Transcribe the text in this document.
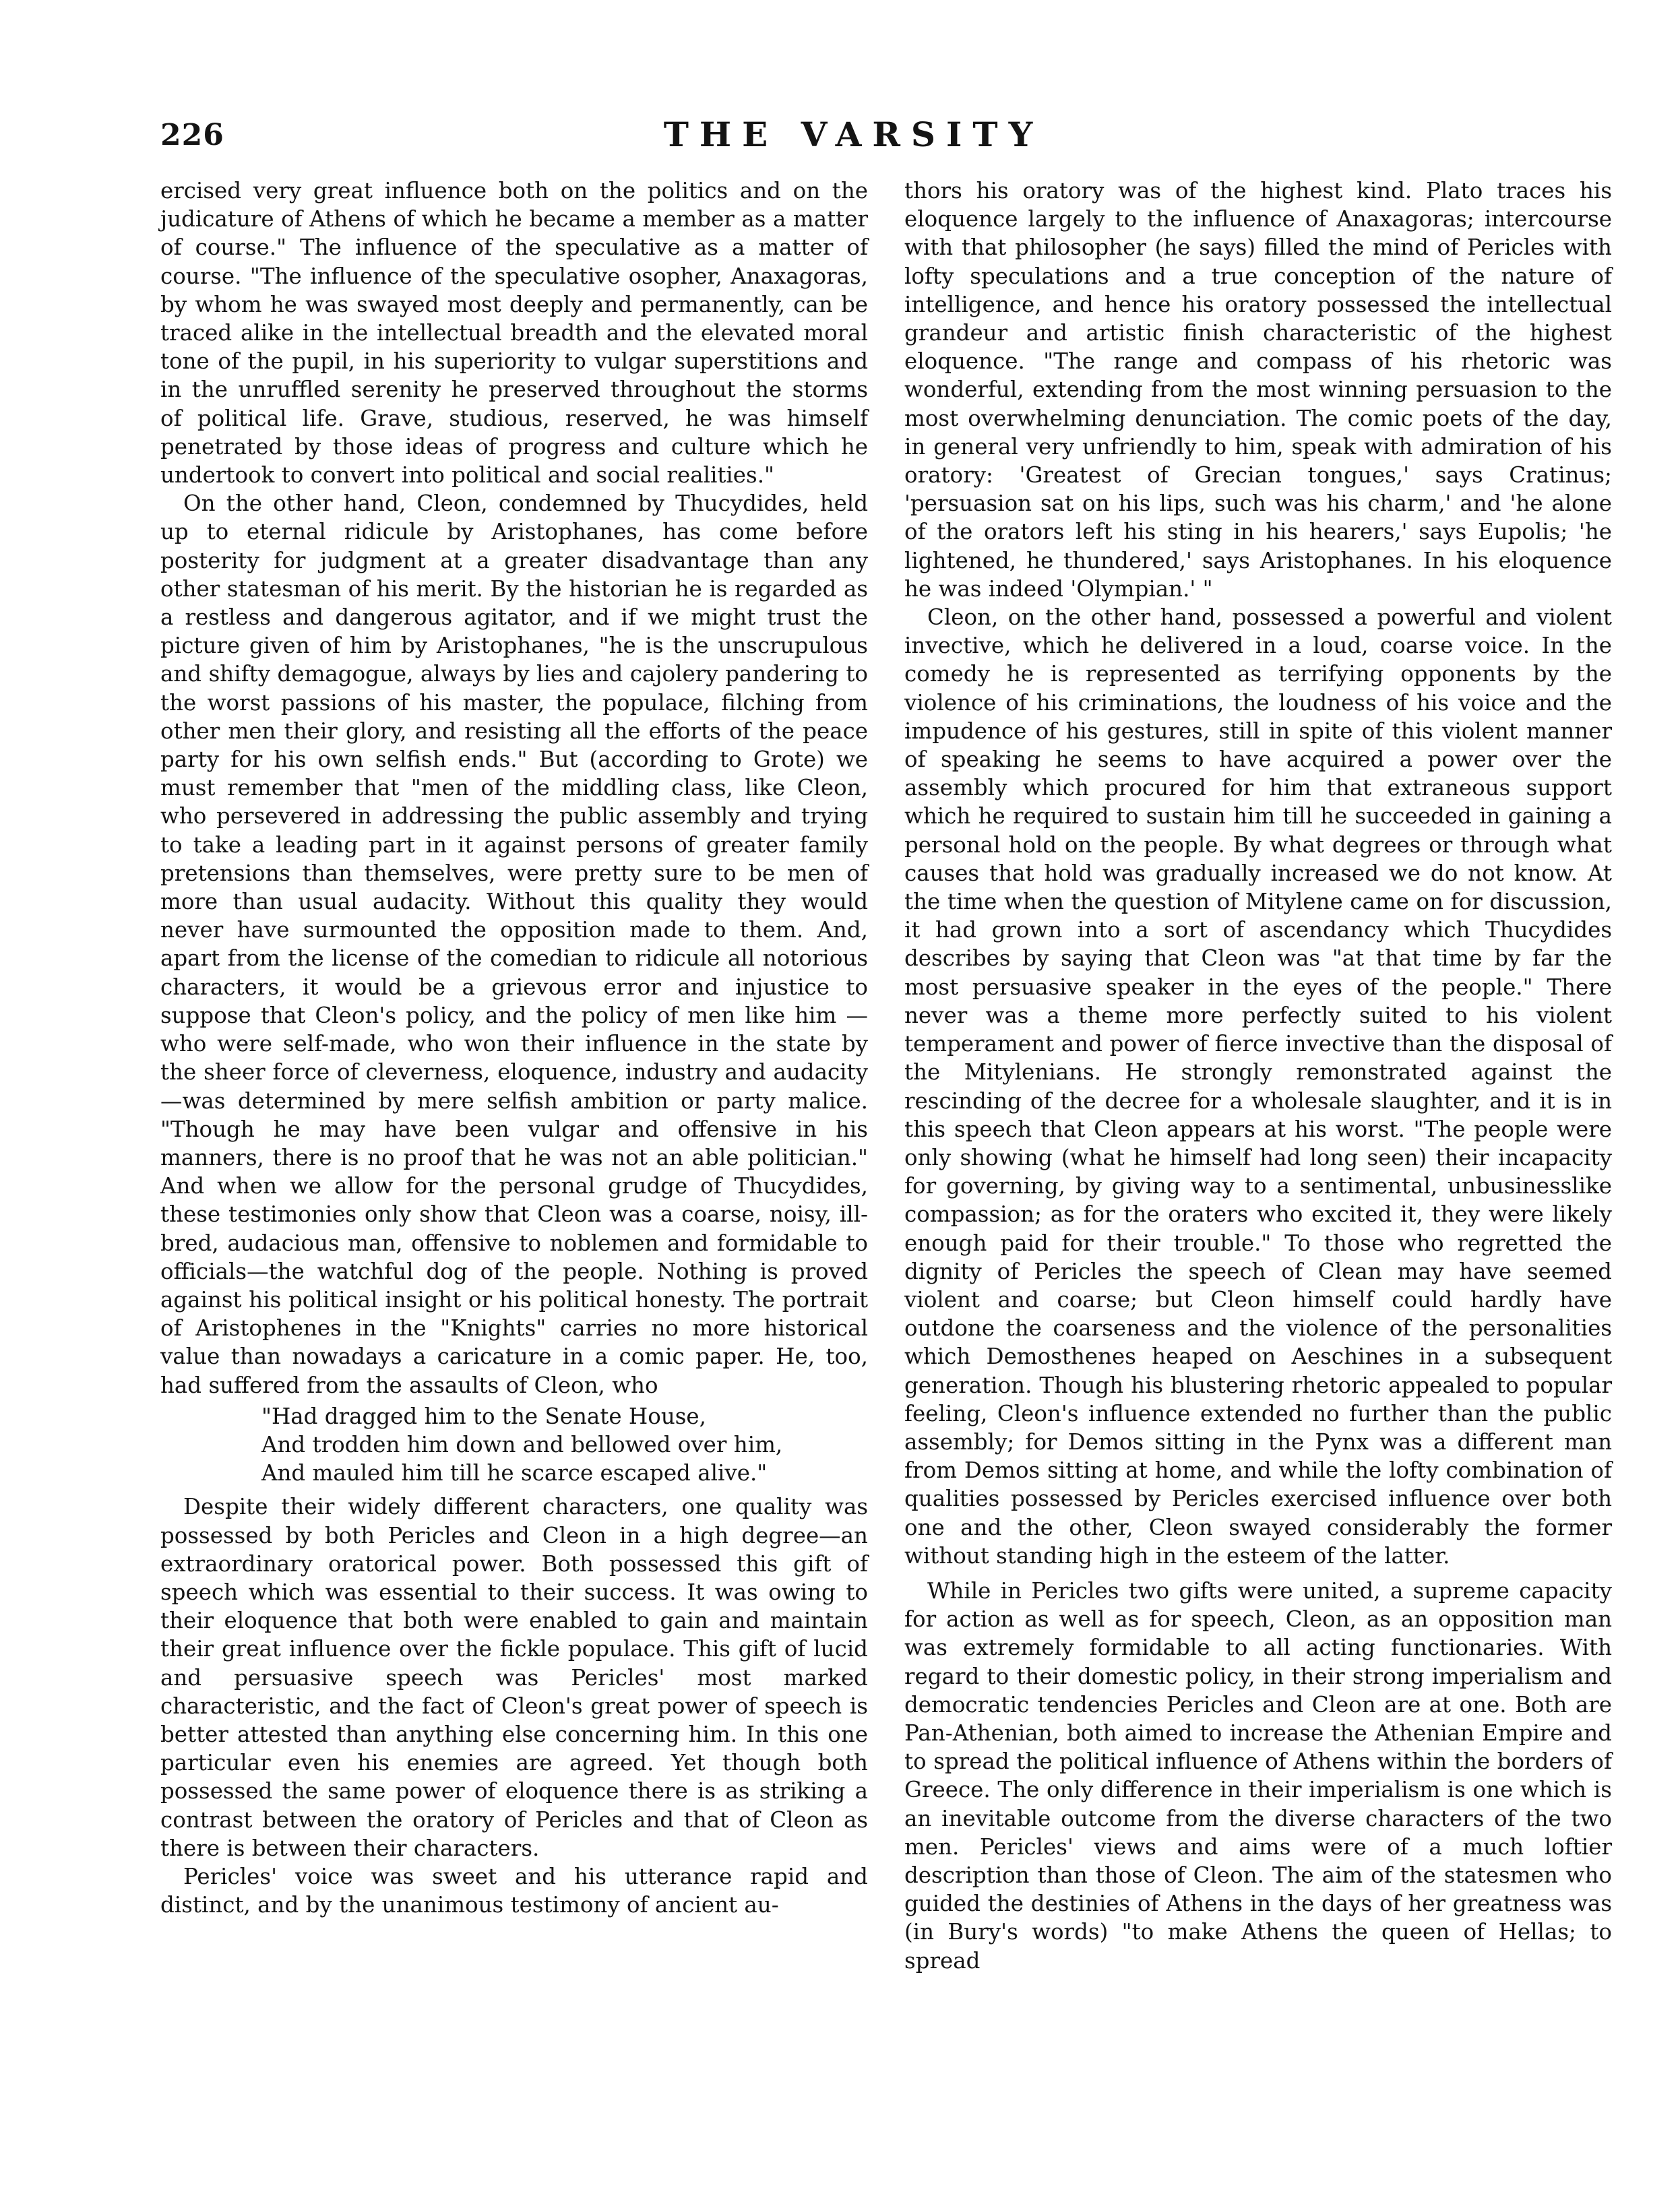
226	THE VARSITY

ercised very great influence both on the politics and on the judicature of Athens of which he became a member as a matter of course." The influence of the speculative as a matter of course. "The influence of the speculative osopher, Anaxagoras, by whom he was swayed most deeply and permanently, can be traced alike in the intellectual breadth and the elevated moral tone of the pupil, in his superiority to vulgar superstitions and in the unruffled serenity he preserved throughout the storms of political life. Grave, studious, reserved, he was himself penetrated by those ideas of progress and culture which he undertook to convert into political and social realities."

On the other hand, Cleon, condemned by Thucydides, held up to eternal ridicule by Aristophanes, has come before posterity for judgment at a greater disadvantage than any other statesman of his merit. By the historian he is regarded as a restless and dangerous agitator, and if we might trust the picture given of him by Aristophanes, "he is the unscrupulous and shifty demagogue, always by lies and cajolery pandering to the worst passions of his master, the populace, filching from other men their glory, and resisting all the efforts of the peace party for his own selfish ends." But (according to Grote) we must remember that "men of the middling class, like Cleon, who persevered in addressing the public assembly and trying to take a leading part in it against persons of greater family pretensions than themselves, were pretty sure to be men of more than usual audacity. Without this quality they would never have surmounted the opposition made to them. And, apart from the license of the comedian to ridicule all notorious characters, it would be a grievous error and injustice to suppose that Cleon's policy, and the policy of men like him —who were self-made, who won their influence in the state by the sheer force of cleverness, eloquence, industry and audacity—was determined by mere selfish ambition or party malice. "Though he may have been vulgar and offensive in his manners, there is no proof that he was not an able politician." And when we allow for the personal grudge of Thucydides, these testimonies only show that Cleon was a coarse, noisy, ill-bred, audacious man, offensive to noblemen and formidable to officials—the watchful dog of the people. Nothing is proved against his political insight or his political honesty. The portrait of Aristophenes in the "Knights" carries no more historical value than nowadays a caricature in a comic paper. He, too, had suffered from the assaults of Cleon, who

"Had dragged him to the Senate House,
And trodden him down and bellowed over him,
And mauled him till he scarce escaped alive."

Despite their widely different characters, one quality was possessed by both Pericles and Cleon in a high degree—an extraordinary oratorical power. Both possessed this gift of speech which was essential to their success. It was owing to their eloquence that both were enabled to gain and maintain their great influence over the fickle populace. This gift of lucid and persuasive speech was Pericles' most marked characteristic, and the fact of Cleon's great power of speech is better attested than anything else concerning him. In this one particular even his enemies are agreed. Yet though both possessed the same power of eloquence there is as striking a contrast between the oratory of Pericles and that of Cleon as there is between their characters.

Pericles' voice was sweet and his utterance rapid and distinct, and by the unanimous testimony of ancient au-

thors his oratory was of the highest kind. Plato traces his eloquence largely to the influence of Anaxagoras; intercourse with that philosopher (he says) filled the mind of Pericles with lofty speculations and a true conception of the nature of intelligence, and hence his oratory possessed the intellectual grandeur and artistic finish characteristic of the highest eloquence. "The range and compass of his rhetoric was wonderful, extending from the most winning persuasion to the most overwhelming denunciation. The comic poets of the day, in general very unfriendly to him, speak with admiration of his oratory: 'Greatest of Grecian tongues,' says Cratinus; 'persuasion sat on his lips, such was his charm,' and 'he alone of the orators left his sting in his hearers,' says Eupolis; 'he lightened, he thundered,' says Aristophanes. In his eloquence he was indeed 'Olympian.' "

Cleon, on the other hand, possessed a powerful and violent invective, which he delivered in a loud, coarse voice. In the comedy he is represented as terrifying opponents by the violence of his criminations, the loudness of his voice and the impudence of his gestures, still in spite of this violent manner of speaking he seems to have acquired a power over the assembly which procured for him that extraneous support which he required to sustain him till he succeeded in gaining a personal hold on the people. By what degrees or through what causes that hold was gradually increased we do not know. At the time when the question of Mitylene came on for discussion, it had grown into a sort of ascendancy which Thucydides describes by saying that Cleon was "at that time by far the most persuasive speaker in the eyes of the people." There never was a theme more perfectly suited to his violent temperament and power of fierce invective than the disposal of the Mitylenians. He strongly remonstrated against the rescinding of the decree for a wholesale slaughter, and it is in this speech that Cleon appears at his worst. "The people were only showing (what he himself had long seen) their incapacity for governing, by giving way to a sentimental, unbusinesslike compassion; as for the oraters who excited it, they were likely enough paid for their trouble." To those who regretted the dignity of Pericles the speech of Clean may have seemed violent and coarse; but Cleon himself could hardly have outdone the coarseness and the violence of the personalities which Demosthenes heaped on Aeschines in a subsequent generation. Though his blustering rhetoric appealed to popular feeling, Cleon's influence extended no further than the public assembly; for Demos sitting in the Pynx was a different man from Demos sitting at home, and while the lofty combination of qualities possessed by Pericles exercised influence over both one and the other, Cleon swayed considerably the former without standing high in the esteem of the latter.

While in Pericles two gifts were united, a supreme capacity for action as well as for speech, Cleon, as an opposition man was extremely formidable to all acting functionaries. With regard to their domestic policy, in their strong imperialism and democratic tendencies Pericles and Cleon are at one. Both are Pan-Athenian, both aimed to increase the Athenian Empire and to spread the political influence of Athens within the borders of Greece. The only difference in their imperialism is one which is an inevitable outcome from the diverse characters of the two men. Pericles' views and aims were of a much loftier description than those of Cleon. The aim of the statesmen who guided the destinies of Athens in the days of her greatness was (in Bury's words) "to make Athens the queen of Hellas; to spread
